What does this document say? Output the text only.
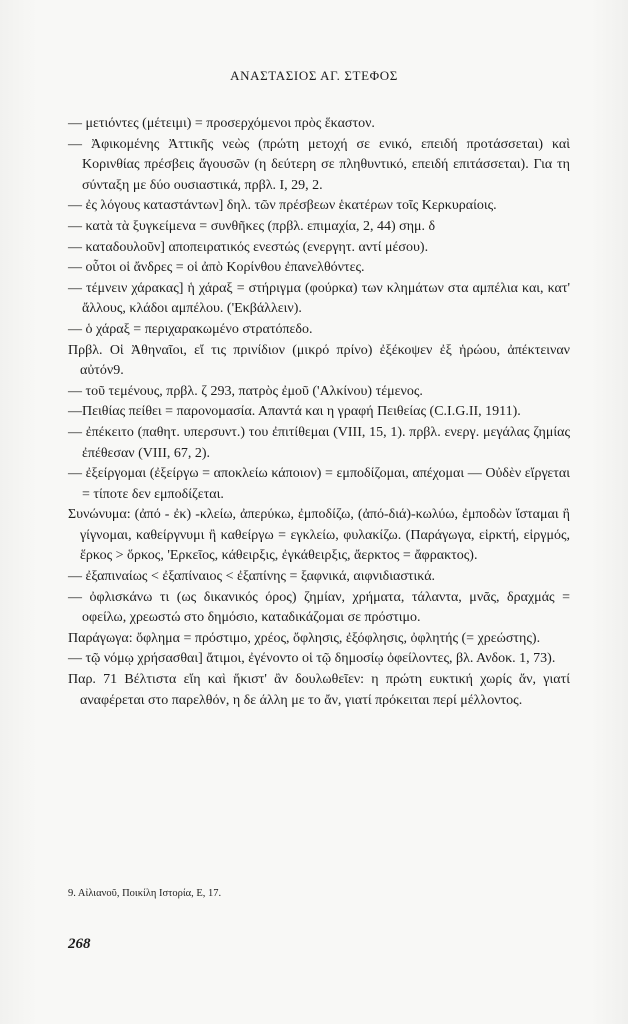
ΑΝΑΣΤΑΣΙΟΣ ΑΓ. ΣΤΕΦΟΣ

— μετιόντες (μέτειμι) = προσερχόμενοι πρὸς ἕκαστον.

— Ἀφικομένης Ἀττικῆς νεὼς (πρώτη μετοχή σε ενικό, επειδή προτάσσεται) καὶ Κορινθίας πρέσβεις ἄγουσῶν (η δεύτερη σε πληθυντικό, επειδή επιτάσσεται). Για τη σύνταξη με δύο ουσιαστικά, πρβλ. I, 29, 2.

— ἐς λόγους καταστάντων] δηλ. τῶν πρέσβεων ἑκατέρων τοῖς Κερκυραίοις.

— κατὰ τὰ ξυγκείμενα = συνθῆκες (πρβλ. επιμαχία, 2, 44) σημ. δ

— καταδουλοῦν] αποπειρατικός ενεστώς (ενεργητ. αντί μέσου).

— οὗτοι οἱ ἄνδρες = οἱ ἀπὸ Κορίνθου ἐπανελθόντες.

— τέμνειν χάρακας] ἡ χάραξ = στήριγμα (φούρκα) των κλημάτων στα αμπέλια και, κατ' ἄλλους, κλάδοι αμπέλου. ('Εκβάλλειν).

— ὁ χάραξ = περιχαρακωμένο στρατόπεδο.

Πρβλ. Οἱ Ἀθηναῖοι, εἴ τις πρινίδιον (μικρό πρίνο) ἐξέκοψεν ἐξ ἡρώου, ἀπέκτειναν αὐτόν9.

— τοῦ τεμένους, πρβλ. ζ 293, πατρὸς ἐμοῦ ('Αλκίνου) τέμενος.

—Πειθίας πείθει = παρονομασία. Απαντά και η γραφή Πειθείας (C.I.G.II, 1911).

— ἐπέκειτο (παθητ. υπερσυντ.) του ἐπιτίθεμαι (VIII, 15, 1). πρβλ. ενεργ. μεγάλας ζημίας ἐπέθεσαν (VIII, 67, 2).

— ἐξείργομαι (ἐξείργω = αποκλείω κάποιον) = εμποδίζομαι, απέχομαι — Οὐδὲν εἴργεται = τίποτε δεν εμποδίζεται.

Συνώνυμα: (ἀπό - ἐκ) -κλείω, ἀπερύκω, ἐμποδίζω, (ἀπό-διά)-κωλύω, ἐμποδὼν ἵσταμαι ἢ γίγνομαι, καθείργνυμι ἢ καθείργω = εγκλείω, φυλακίζω. (Παράγωγα, εἱρκτή, εἱργμός, ἕρκος > ὅρκος, 'Ερκεῖος, κάθειρξις, ἐγκάθειρξις, ἄερκτος = ἄφρακτος).

— ἐξαπιναίως < ἐξαπίναιος < ἐξαπίνης = ξαφνικά, αιφνιδιαστικά.

— ὀφλισκάνω τι (ως δικανικός όρος) ζημίαν, χρήματα, τάλαντα, μνᾶς, δραχμάς = οφείλω, χρεωστώ στο δημόσιο, καταδικάζομαι σε πρόστιμο.

Παράγωγα: ὄφλημα = πρόστιμο, χρέος, ὄφλησις, ἐξόφλησις, ὀφλητής (= χρεώστης).

— τῷ νόμῳ χρήσασθαι] ἄτιμοι, ἐγένοντο οἱ τῷ δημοσίῳ ὀφείλοντες, βλ. Ανδοκ. 1, 73).

Παρ. 71 Βέλτιστα εἴη καὶ ἥκιστ' ἂν δουλωθεῖεν: η πρώτη ευκτική χωρίς ἄν, γιατί αναφέρεται στο παρελθόν, η δε άλλη με το ἄν, γιατί πρόκειται περί μέλλοντος.

9. Αἰλιανοῦ, Ποικίλη Ιστορία, Ε, 17.
268
